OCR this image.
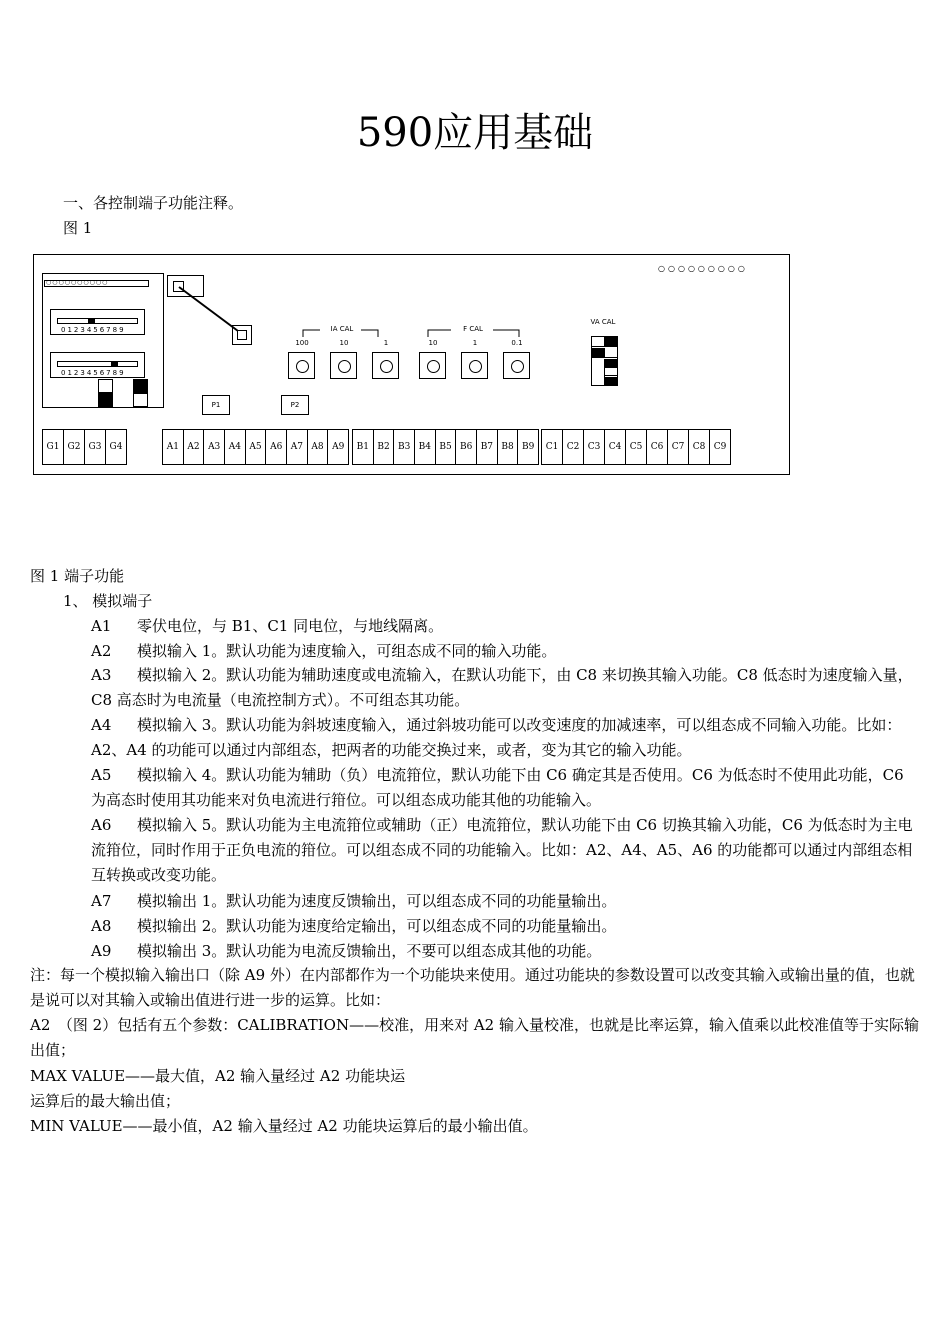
590应用基础
一、各控制端子功能注释。
图 1
○○○○○○○○○
○○○○○○○○○○
0123456789
0123456789
IA CAL
100	10	1
F CAL
10	1	0.1
VA CAL
P1	P2
G1 G2 G3 G4	A1 A2 A3 A4 A5 A6 A7 A8 A9	B1 B2 B3 B4 B5 B6 B7 B8 B9	C1 C2 C3 C4 C5 C6 C7 C8 C9
图 1 端子功能
1、 模拟端子
A1 零伏电位，与 B1、C1 同电位，与地线隔离。
A2 模拟输入 1。默认功能为速度输入，可组态成不同的输入功能。
A3 模拟输入 2。默认功能为辅助速度或电流输入，在默认功能下，由 C8 来切换其输入功能。C8 低态时为速度输入量，C8 高态时为电流量（电流控制方式）。不可组态其功能。
A4 模拟输入 3。默认功能为斜坡速度输入，通过斜坡功能可以改变速度的加减速率，可以组态成不同输入功能。比如：A2、A4 的功能可以通过内部组态，把两者的功能交换过来，或者，变为其它的输入功能。
A5 模拟输入 4。默认功能为辅助（负）电流箝位，默认功能下由 C6 确定其是否使用。C6 为低态时不使用此功能，C6 为高态时使用其功能来对负电流进行箝位。可以组态成功能其他的功能输入。
A6 模拟输入 5。默认功能为主电流箝位或辅助（正）电流箝位，默认功能下由 C6 切换其输入功能，C6 为低态时为主电流箝位，同时作用于正负电流的箝位。可以组态成不同的功能输入。比如：A2、A4、A5、A6 的功能都可以通过内部组态相互转换或改变功能。
A7 模拟输出 1。默认功能为速度反馈输出，可以组态成不同的功能量输出。
A8 模拟输出 2。默认功能为速度给定输出，可以组态成不同的功能量输出。
A9 模拟输出 3。默认功能为电流反馈输出，不要可以组态成其他的功能。
注：每一个模拟输入输出口（除 A9 外）在内部都作为一个功能块来使用。通过功能块的参数设置可以改变其输入或输出量的值，也就是说可以对其输入或输出值进行进一步的运算。比如：
A2　（图 2）包括有五个参数：CALIBRATION——校准，用来对 A2 输入量校准，也就是比率运算，输入值乘以此校准值等于实际输出值；
MAX VALUE——最大值，A2 输入量经过 A2 功能块运
运算后的最大输出值；
MIN VALUE——最小值，A2 输入量经过 A2 功能块运算后的最小输出值。
